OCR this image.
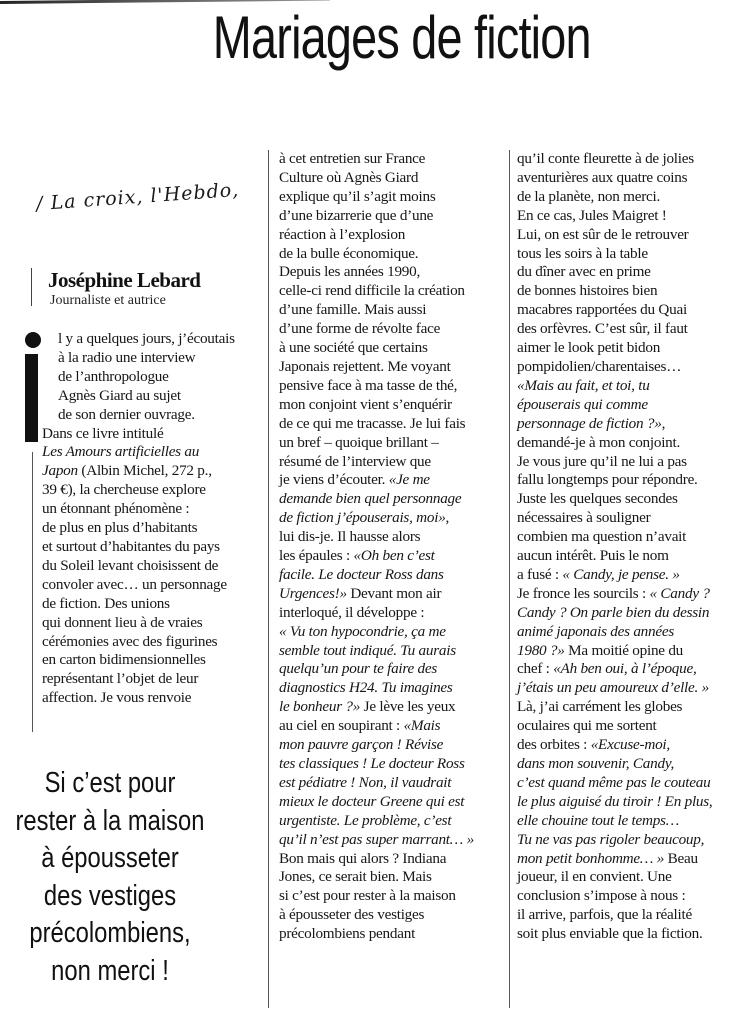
Mariages de fiction
/ La croix, l'Hebdo,
Joséphine Lebard
Journaliste et autrice
l y a quelques jours, j’écoutais
à la radio une interview
de l’anthropologue
Agnès Giard au sujet
de son dernier ouvrage.
Dans ce livre intitulé
Les Amours artificielles au
Japon (Albin Michel, 272 p.,
39 €), la chercheuse explore
un étonnant phénomène :
de plus en plus d’habitants
et surtout d’habitantes du pays
du Soleil levant choisissent de
convoler avec… un personnage
de fiction. Des unions
qui donnent lieu à de vraies
cérémonies avec des figurines
en carton bidimensionnelles
représentant l’objet de leur
affection. Je vous renvoie
Si c’est pour
rester à la maison
à épousseter
des vestiges
précolombiens,
non merci !
à cet entretien sur France
Culture où Agnès Giard
explique qu’il s’agit moins
d’une bizarrerie que d’une
réaction à l’explosion
de la bulle économique.
Depuis les années 1990,
celle-ci rend difficile la création
d’une famille. Mais aussi
d’une forme de révolte face
à une société que certains
Japonais rejettent. Me voyant
pensive face à ma tasse de thé,
mon conjoint vient s’enquérir
de ce qui me tracasse. Je lui fais
un bref – quoique brillant –
résumé de l’interview que
je viens d’écouter. «Je me
demande bien quel personnage
de fiction j’épouserais, moi»,
lui dis-je. Il hausse alors
les épaules : «Oh ben c’est
facile. Le docteur Ross dans
Urgences!» Devant mon air
interloqué, il développe :
« Vu ton hypocondrie, ça me
semble tout indiqué. Tu aurais
quelqu’un pour te faire des
diagnostics H24. Tu imagines
le bonheur ?» Je lève les yeux
au ciel en soupirant : «Mais
mon pauvre garçon ! Révise
tes classiques ! Le docteur Ross
est pédiatre ! Non, il vaudrait
mieux le docteur Greene qui est
urgentiste. Le problème, c’est
qu’il n’est pas super marrant… »
Bon mais qui alors ? Indiana
Jones, ce serait bien. Mais
si c’est pour rester à la maison
à épousseter des vestiges
précolombiens pendant
qu’il conte fleurette à de jolies
aventurières aux quatre coins
de la planète, non merci.
En ce cas, Jules Maigret !
Lui, on est sûr de le retrouver
tous les soirs à la table
du dîner avec en prime
de bonnes histoires bien
macabres rapportées du Quai
des orfèvres. C’est sûr, il faut
aimer le look petit bidon
pompidolien/charentaises…
«Mais au fait, et toi, tu
épouserais qui comme
personnage de fiction ?»,
demandé-je à mon conjoint.
Je vous jure qu’il ne lui a pas
fallu longtemps pour répondre.
Juste les quelques secondes
nécessaires à souligner
combien ma question n’avait
aucun intérêt. Puis le nom
a fusé : « Candy, je pense. »
Je fronce les sourcils : « Candy ?
Candy ? On parle bien du dessin
animé japonais des années
1980 ?» Ma moitié opine du
chef : «Ah ben oui, à l’époque,
j’étais un peu amoureux d’elle. »
Là, j’ai carrément les globes
oculaires qui me sortent
des orbites : «Excuse-moi,
dans mon souvenir, Candy,
c’est quand même pas le couteau
le plus aiguisé du tiroir ! En plus,
elle chouine tout le temps…
Tu ne vas pas rigoler beaucoup,
mon petit bonhomme… » Beau
joueur, il en convient. Une
conclusion s’impose à nous :
il arrive, parfois, que la réalité
soit plus enviable que la fiction.
